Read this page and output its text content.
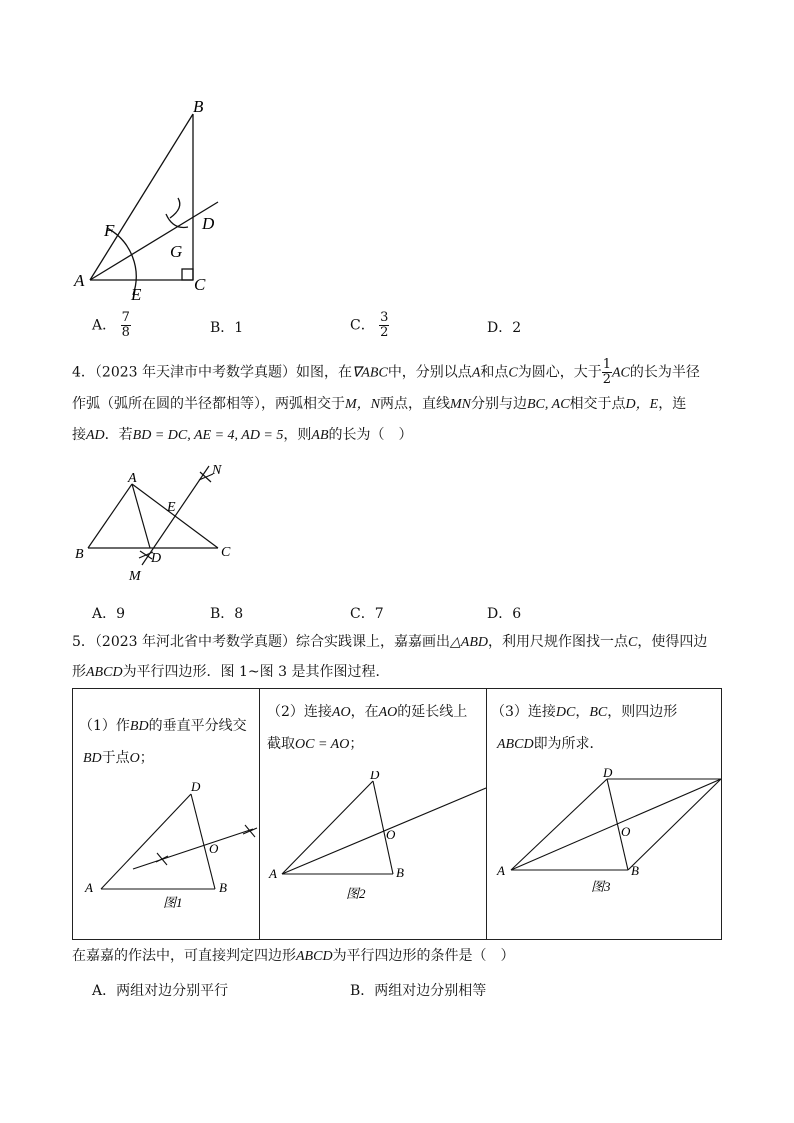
B
D
F
G
A
E
C
A． $\frac{7}{8}$	B．1	C． $\frac{3}{2}$	D．2
4．（2023 年天津市中考数学真题）如图，在∇ABC中，分别以点A和点C为圆心，大于 $\frac{1}{2}$ AC的长为半径
作弧（弧所在圆的半径都相等），两弧相交于M，N两点，直线MN分别与边BC, AC相交于点D，E，连
接AD．若BD = DC, AE = 4, AD = 5，则AB的长为（　）
A
B	C
D
E
M
N
A．9	B．8	C．7	D．6
5．（2023 年河北省中考数学真题）综合实践课上，嘉嘉画出△ABD，利用尺规作图找一点C，使得四边
形ABCD为平行四边形．图 1~图 3 是其作图过程．
（1）作BD的垂直平分线交
BD于点O；
（2）连接AO，在AO的延长线上
截取OC = AO；
（3）连接DC，BC，则四边形
ABCD即为所求．
D
A	B
O
图1
D
A	B
O
图2
D
A	B
O
图3
在嘉嘉的作法中，可直接判定四边形ABCD为平行四边形的条件是（　）
A．两组对边分别平行	B．两组对边分别相等
